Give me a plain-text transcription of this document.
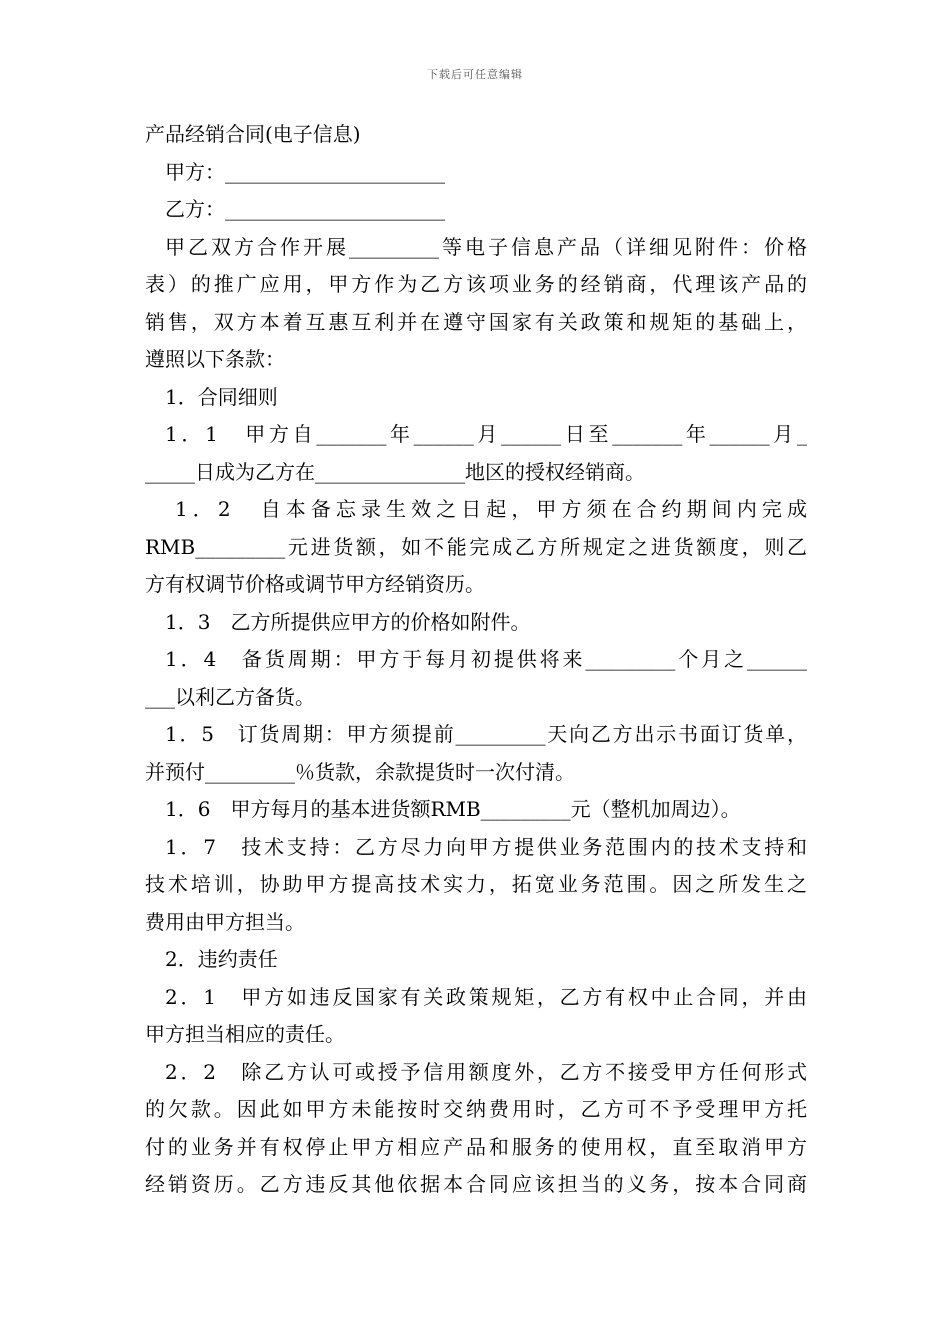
下载后可任意编辑
产品经销合同(电子信息)
甲方：______________________
乙方：______________________
甲乙双方合作开展_________等电子信息产品（详细见附件：价格
表）的推广应用，甲方作为乙方该项业务的经销商，代理该产品的
销售，双方本着互惠互利并在遵守国家有关政策和规矩的基础上，
遵照以下条款：
1．合同细则
1．1　甲方自_______年______月______日至_______年______月_
_____日成为乙方在_______________地区的授权经销商。
1．2　自本备忘录生效之日起，甲方须在合约期间内完成
RMB_________元进货额，如不能完成乙方所规定之进货额度，则乙
方有权调节价格或调节甲方经销资历。
1．3　乙方所提供应甲方的价格如附件。
1．4　备货周期：甲方于每月初提供将来_________个月之______
___以利乙方备货。
1．5　订货周期：甲方须提前_________天向乙方出示书面订货单，
并预付_________％货款，余款提货时一次付清。
1．6　甲方每月的基本进货额RMB_________元（整机加周边）。
1．7　技术支持：乙方尽力向甲方提供业务范围内的技术支持和
技术培训，协助甲方提高技术实力，拓宽业务范围。因之所发生之
费用由甲方担当。
2．违约责任
2．1　甲方如违反国家有关政策规矩，乙方有权中止合同，并由
甲方担当相应的责任。
2．2　除乙方认可或授予信用额度外，乙方不接受甲方任何形式
的欠款。因此如甲方未能按时交纳费用时，乙方可不予受理甲方托
付的业务并有权停止甲方相应产品和服务的使用权，直至取消甲方
经销资历。乙方违反其他依据本合同应该担当的义务，按本合同商
